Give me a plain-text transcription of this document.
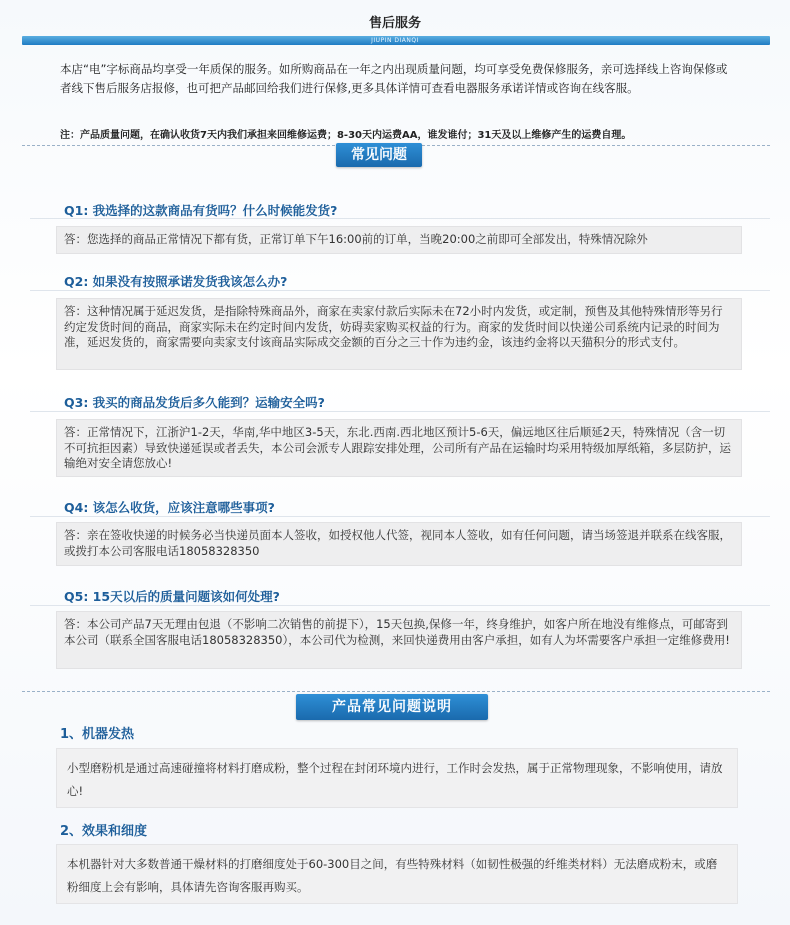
售后服务
JIUPIN DIANQI
本店“电”字标商品均享受一年质保的服务。如所购商品在一年之内出现质量问题，均可享受免费保修服务，亲可选择线上咨询保修或者线下售后服务店报修，也可把产品邮回给我们进行保修,更多具体详情可查看电器服务承诺详情或咨询在线客服。
注：产品质量问题，在确认收货7天内我们承担来回维修运费；8-30天内运费AA，谁发谁付；31天及以上维修产生的运费自理。
常见问题
Q1: 我选择的这款商品有货吗？什么时候能发货?
答：您选择的商品正常情况下都有货，正常订单下午16:00前的订单，当晚20:00之前即可全部发出，特殊情况除外
Q2: 如果没有按照承诺发货我该怎么办?
答：这种情况属于延迟发货，是指除特殊商品外，商家在卖家付款后实际未在72小时内发货，或定制，预售及其他特殊情形等另行约定发货时间的商品，商家实际未在约定时间内发货，妨碍卖家购买权益的行为。商家的发货时间以快递公司系统内记录的时间为准，延迟发货的，商家需要向卖家支付该商品实际成交金额的百分之三十作为违约金，该违约金将以天猫积分的形式支付。
Q3: 我买的商品发货后多久能到？运输安全吗?
答：正常情况下，江浙沪1-2天，华南,华中地区3-5天，东北.西南.西北地区预计5-6天，偏远地区往后顺延2天，特殊情况（含一切不可抗拒因素）导致快递延误或者丢失，本公司会派专人跟踪安排处理，公司所有产品在运输时均采用特级加厚纸箱，多层防护，运输绝对安全请您放心!
Q4: 该怎么收货，应该注意哪些事项?
答：亲在签收快递的时候务必当快递员面本人签收，如授权他人代签，视同本人签收，如有任何问题，请当场签退并联系在线客服，或拨打本公司客服电话18058328350
Q5: 15天以后的质量问题该如何处理?
答：本公司产品7天无理由包退（不影响二次销售的前提下），15天包换,保修一年，终身维护，如客户所在地没有维修点，可邮寄到本公司（联系全国客服电话18058328350），本公司代为检测，来回快递费用由客户承担，如有人为坏需要客户承担一定维修费用!
产品常见问题说明
1、机器发热
小型磨粉机是通过高速碰撞将材料打磨成粉，整个过程在封闭环境内进行，工作时会发热，属于正常物理现象，不影响使用，请放心!
2、效果和细度
本机器针对大多数普通干燥材料的打磨细度处于60-300目之间，有些特殊材料（如韧性极强的纤维类材料）无法磨成粉末，或磨粉细度上会有影响，具体请先咨询客服再购买。
